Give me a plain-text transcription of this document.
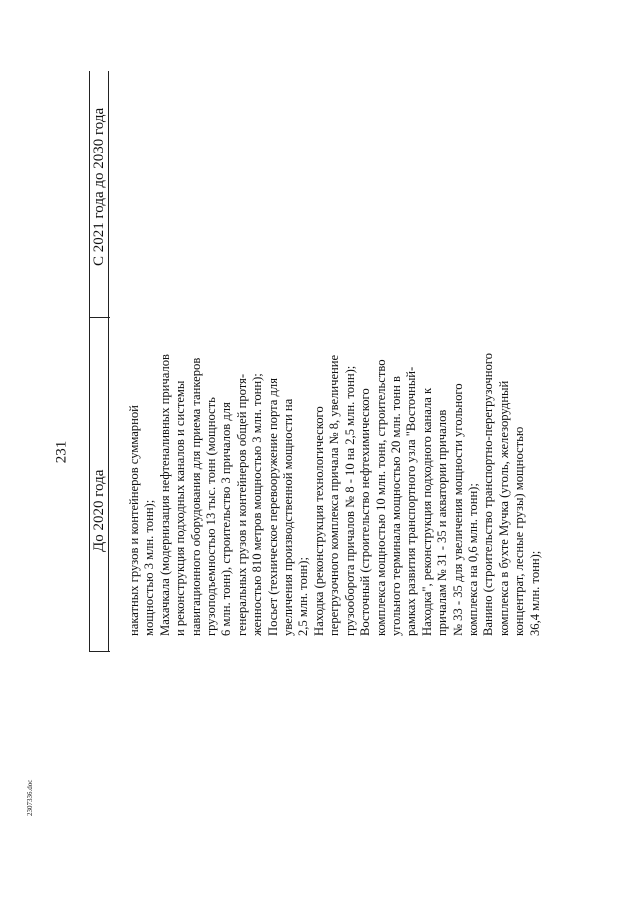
231
До 2020 года
С 2021 года до 2030 года
накатных грузов и контейнеров суммарной мощностью 3 млн. тонн); Махачкала (модернизация нефтеналивных причалов и реконструкция подходных каналов и системы навигационного оборудования для приема танкеров грузоподъемностью 13 тыс. тонн (мощность 6 млн. тонн), строительство 3 причалов для генеральных грузов и контейнеров общей протя- женностью 810 метров мощностью 3 млн. тонн); Посьет (техническое перевооружение порта для увеличения производственной мощности на 2,5 млн. тонн); Находка (реконструкция технологического перегрузочного комплекса причала № 8, увеличение грузооборота причалов № 8 - 10 на 2,5 млн. тонн); Восточный (строительство нефтехимического комплекса мощностью 10 млн. тонн, строительство угольного терминала мощностью 20 млн. тонн в рамках развития транспортного узла "Восточный- Находка", реконструкция подходного канала к причалам № 31 - 35 и акватории причалов № 33 - 35 для увеличения мощности угольного комплекса на 0,6 млн. тонн); Ванино (строительство транспортно-перегрузочного комплекса в бухте Мучка (уголь, железорудный концентрат, лесные грузы) мощностью 36,4 млн. тонн);
2307336.doc
